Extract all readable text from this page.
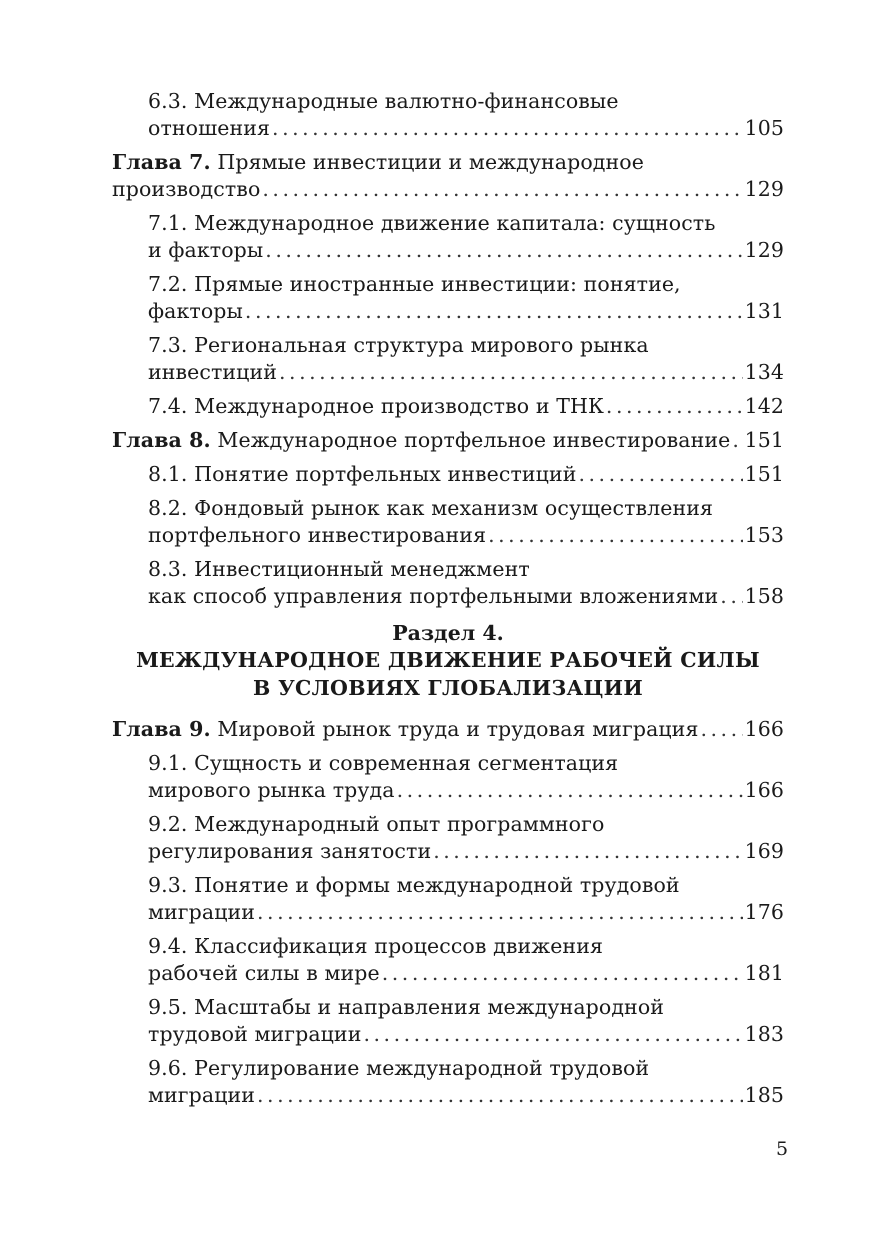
6.3. Международные валютно-финансовые
отношения . . .	105
Глава 7. Прямые инвестиции и международное
производство . . .	129
7.1. Международное движение капитала: сущность
и факторы . . .	129
7.2. Прямые иностранные инвестиции: понятие,
факторы . . .	131
7.3. Региональная структура мирового рынка
инвестиций . . .	134
7.4. Международное производство и ТНК . . .	142
Глава 8. Международное портфельное инвестирование . . . 151
8.1. Понятие портфельных инвестиций . . .	151
8.2. Фондовый рынок как механизм осуществления
портфельного инвестирования . . .	153
8.3. Инвестиционный менеджмент
как способ управления портфельными вложениями . . . 158
Раздел 4.
МЕЖДУНАРОДНОЕ ДВИЖЕНИЕ РАБОЧЕЙ СИЛЫ
В УСЛОВИЯХ ГЛОБАЛИЗАЦИИ
Глава 9. Мировой рынок труда и трудовая миграция . . . 166
9.1. Сущность и современная сегментация
мирового рынка труда . . .	166
9.2. Международный опыт программного
регулирования занятости . . .	169
9.3. Понятие и формы международной трудовой
миграции . . .	176
9.4. Классификация процессов движения
рабочей силы в мире . . .	181
9.5. Масштабы и направления международной
трудовой миграции . . .	183
9.6. Регулирование международной трудовой
миграции . . .	185
5
